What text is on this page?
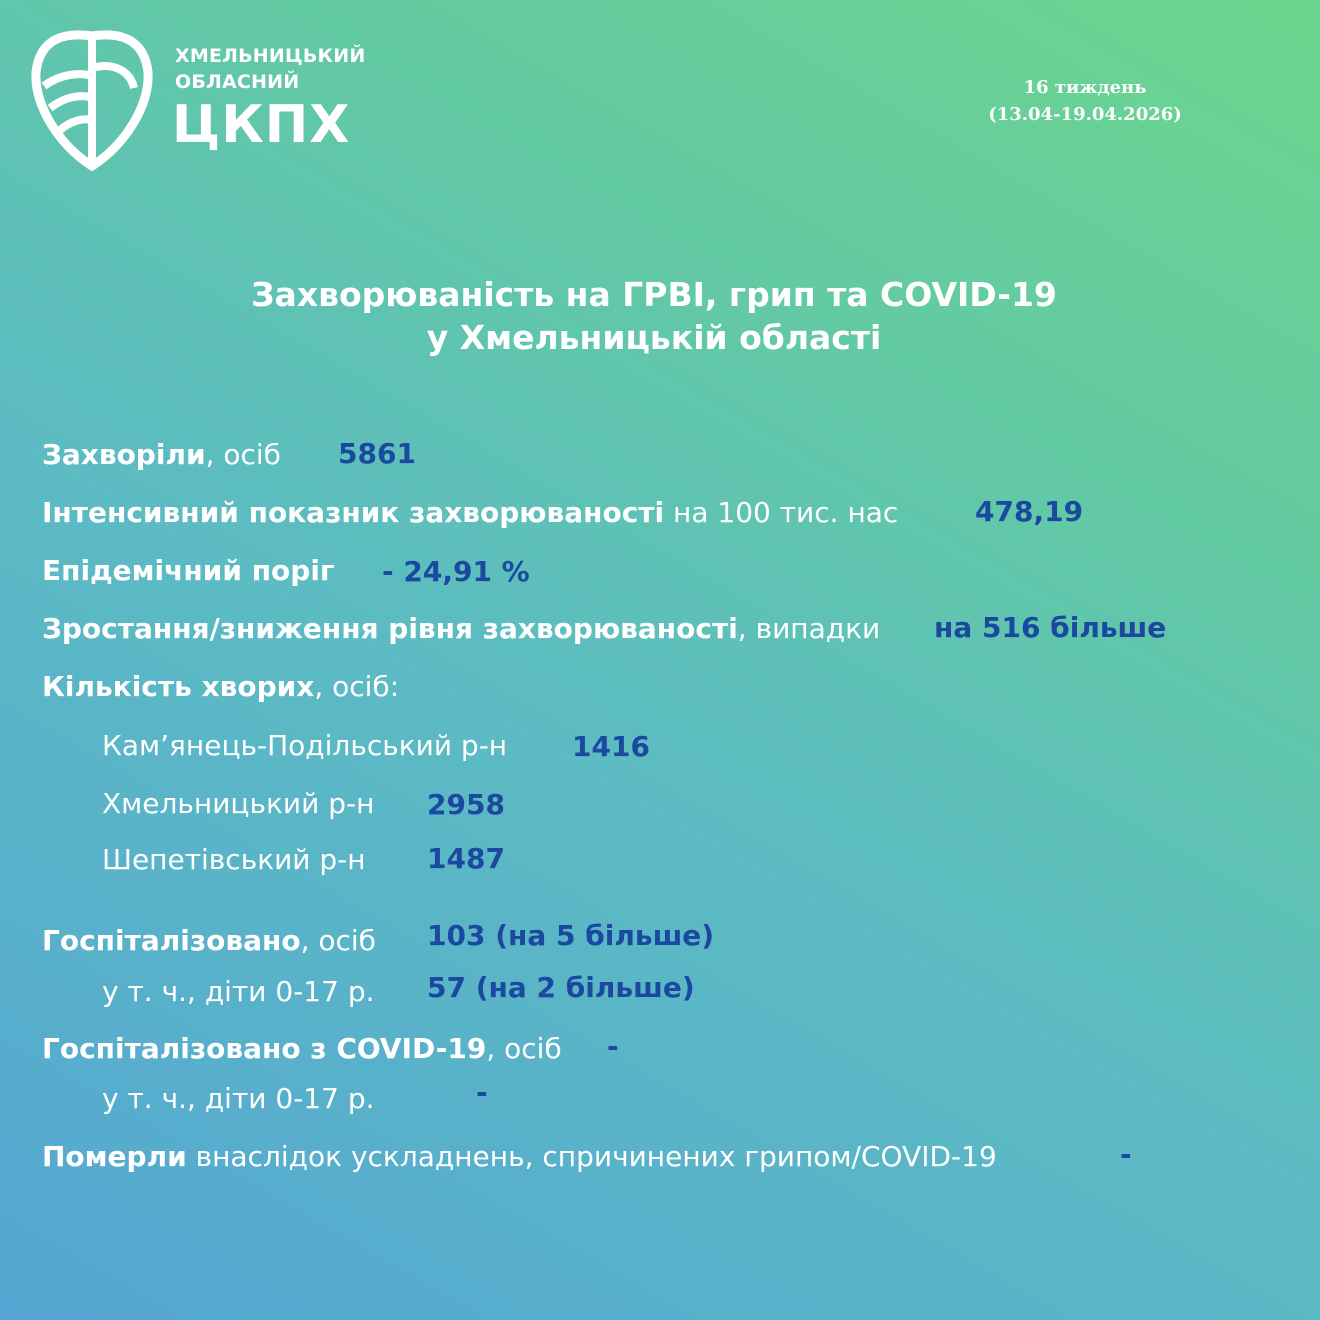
ХМЕЛЬНИЦЬКИЙ
ОБЛАСНИЙ
ЦКПХ
16 тиждень
(13.04-19.04.2026)
Захворюваність на ГРВІ, грип та COVID-19
у Хмельницькій області
Захворіли, осіб 5861
Інтенсивний показник захворюваності на 100 тис. нас	478,19
Епідемічний поріг - 24,91 %
Зростання/зниження рівня захворюваності, випадки на 516 більше
Кількість хворих, осіб:
Кам’янець-Подільський р-н 1416
Хмельницький р-н 2958
Шепетівський р-н 1487
Госпіталізовано, осіб 103 (на 5 більше)
у т. ч., діти 0-17 р. 57 (на 2 більше)
Госпіталізовано з COVID-19, осіб -
у т. ч., діти 0-17 р.	-
Померли внаслідок ускладнень, спричинених грипом/COVID-19	-
